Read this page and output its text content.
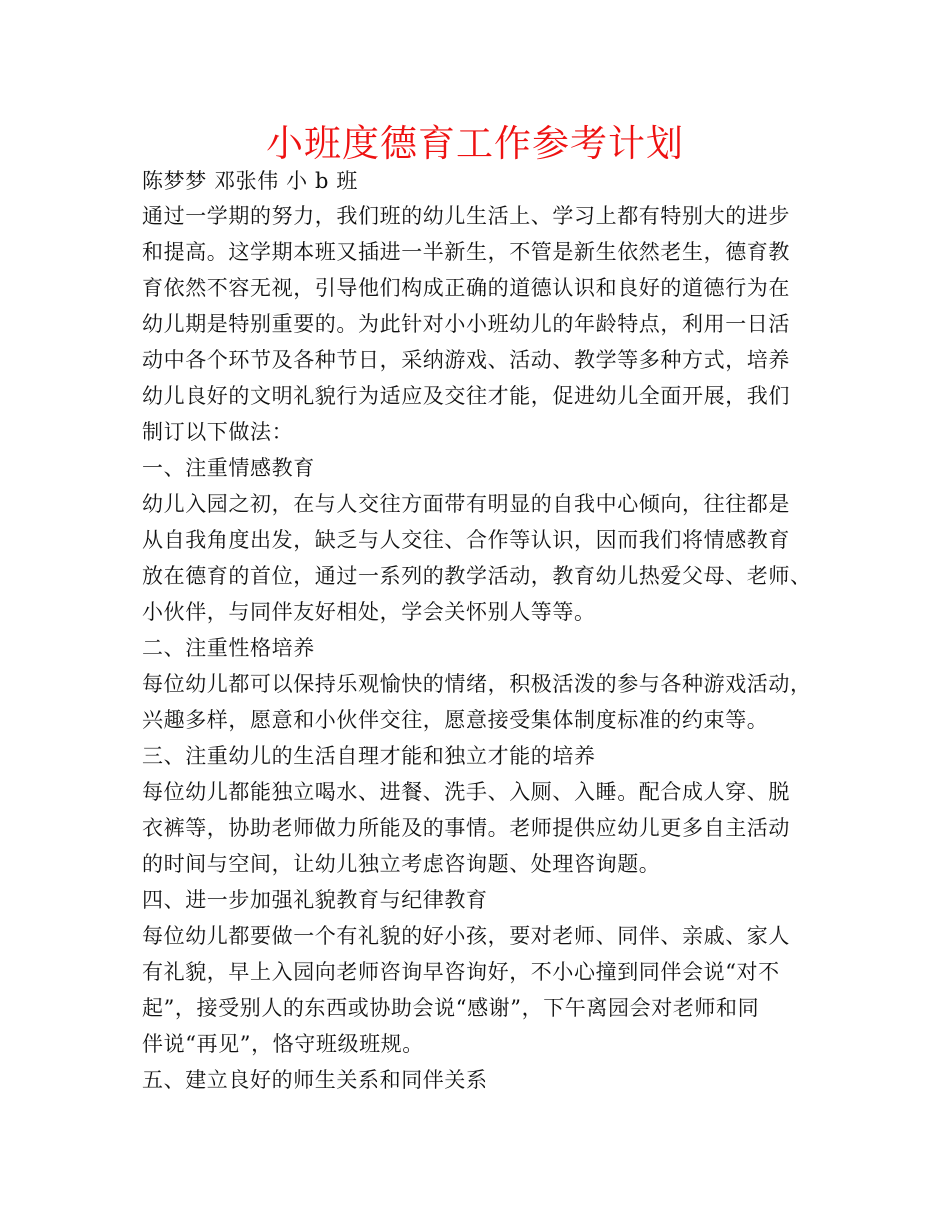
小班度德育工作参考计划
陈梦梦 邓张伟 小 b 班
通过一学期的努力，我们班的幼儿生活上、学习上都有特别大的进步
和提高。这学期本班又插进一半新生，不管是新生依然老生，德育教
育依然不容无视，引导他们构成正确的道德认识和良好的道德行为在
幼儿期是特别重要的。为此针对小小班幼儿的年龄特点，利用一日活
动中各个环节及各种节日，采纳游戏、活动、教学等多种方式，培养
幼儿良好的文明礼貌行为适应及交往才能，促进幼儿全面开展，我们
制订以下做法：
一、注重情感教育
幼儿入园之初，在与人交往方面带有明显的自我中心倾向，往往都是
从自我角度出发，缺乏与人交往、合作等认识，因而我们将情感教育
放在德育的首位，通过一系列的教学活动，教育幼儿热爱父母、老师、
小伙伴，与同伴友好相处，学会关怀别人等等。
二、注重性格培养
每位幼儿都可以保持乐观愉快的情绪，积极活泼的参与各种游戏活动，
兴趣多样，愿意和小伙伴交往，愿意接受集体制度标准的约束等。
三、注重幼儿的生活自理才能和独立才能的培养
每位幼儿都能独立喝水、进餐、洗手、入厕、入睡。配合成人穿、脱
衣裤等，协助老师做力所能及的事情。老师提供应幼儿更多自主活动
的时间与空间，让幼儿独立考虑咨询题、处理咨询题。
四、进一步加强礼貌教育与纪律教育
每位幼儿都要做一个有礼貌的好小孩，要对老师、同伴、亲戚、家人
有礼貌，早上入园向老师咨询早咨询好，不小心撞到同伴会说“对不
起”，接受别人的东西或协助会说“感谢”，下午离园会对老师和同
伴说“再见”，恪守班级班规。
五、建立良好的师生关系和同伴关系
